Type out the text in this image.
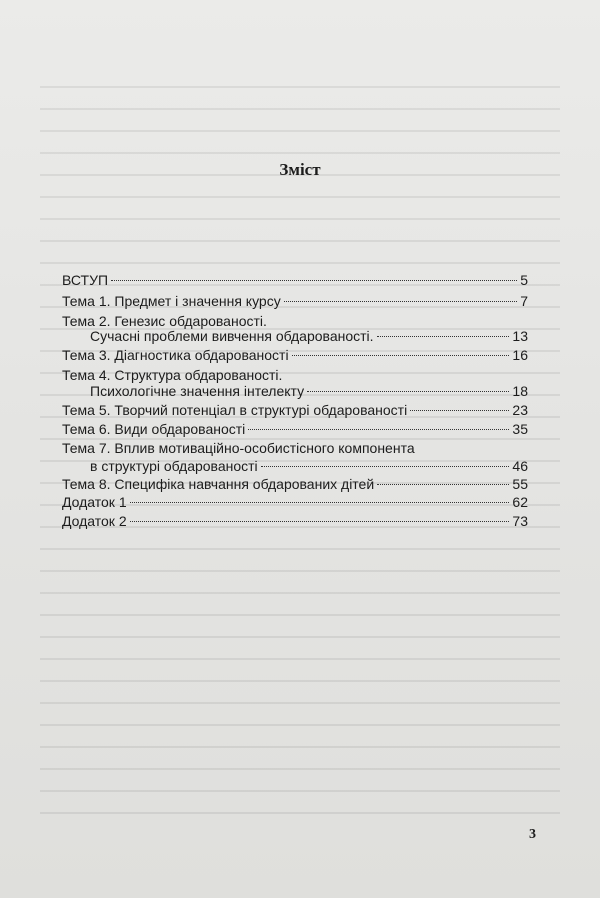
Зміст
ВСТУП	5
Тема 1. Предмет і значення курсу	7
Тема 2. Генезис обдарованості.
Сучасні проблеми вивчення обдарованості.	13
Тема 3. Діагностика обдарованості	16
Тема 4. Структура обдарованості.
Психологічне значення інтелекту	18
Тема 5. Творчий потенціал в структурі обдарованості	23
Тема 6. Види обдарованості	35
Тема 7. Вплив мотиваційно-особистісного компонента
в структурі обдарованості	46
Тема 8. Специфіка навчання обдарованих дітей	55
Додаток 1	62
Додаток 2	73
3
